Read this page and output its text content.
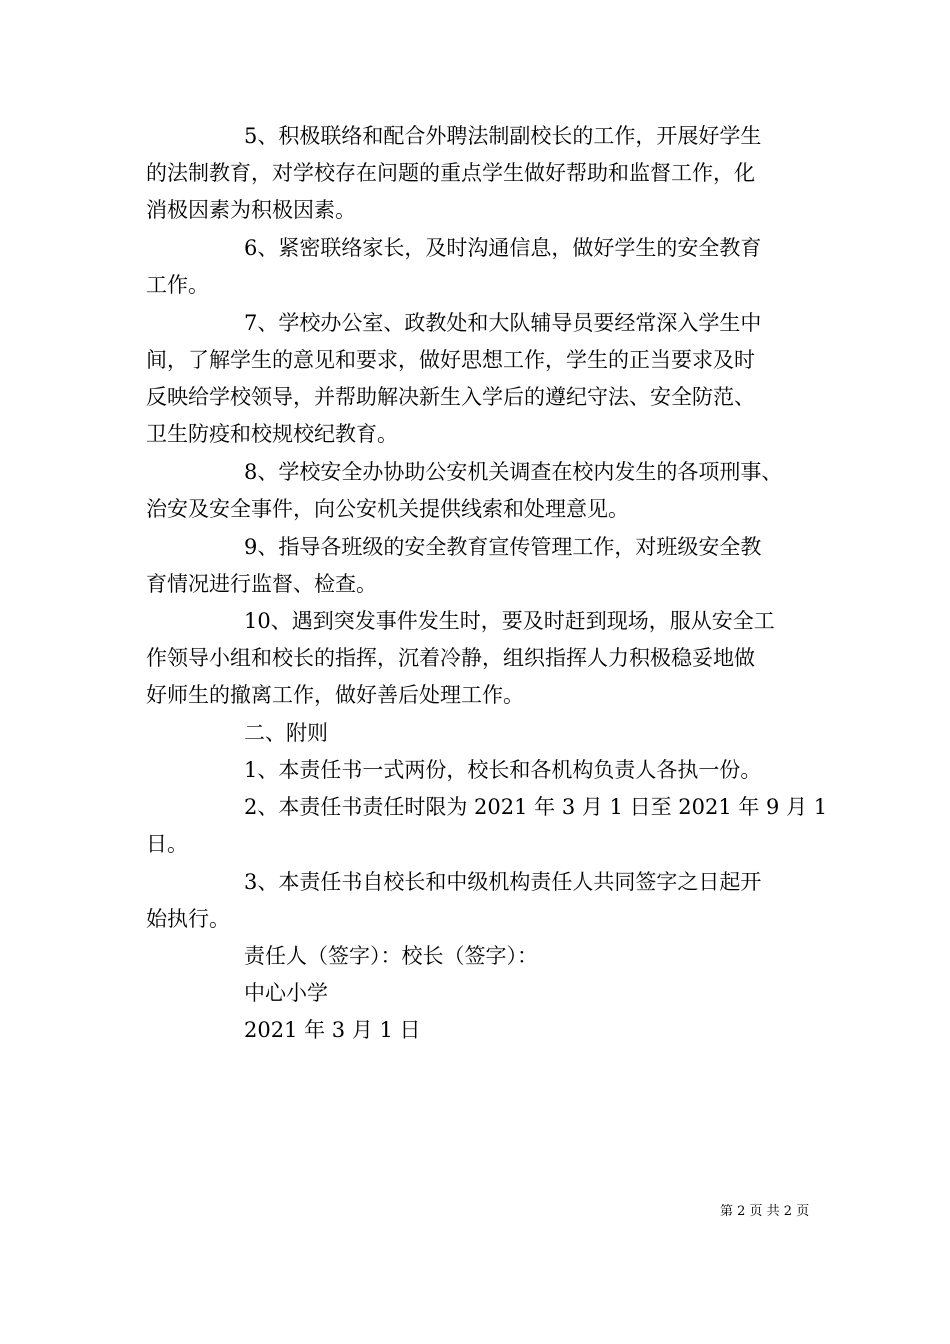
5、积极联络和配合外聘法制副校长的工作，开展好学生
的法制教育，对学校存在问题的重点学生做好帮助和监督工作，化
消极因素为积极因素。
6、紧密联络家长，及时沟通信息，做好学生的安全教育
工作。
7、学校办公室、政教处和大队辅导员要经常深入学生中
间，了解学生的意见和要求，做好思想工作，学生的正当要求及时
反映给学校领导，并帮助解决新生入学后的遵纪守法、安全防范、
卫生防疫和校规校纪教育。
8、学校安全办协助公安机关调查在校内发生的各项刑事、
治安及安全事件，向公安机关提供线索和处理意见。
9、指导各班级的安全教育宣传管理工作，对班级安全教
育情况进行监督、检查。
10、遇到突发事件发生时，要及时赶到现场，服从安全工
作领导小组和校长的指挥，沉着冷静，组织指挥人力积极稳妥地做
好师生的撤离工作，做好善后处理工作。
二、附则
1、本责任书一式两份，校长和各机构负责人各执一份。
2、本责任书责任时限为 2021 年 3 月 1 日至 2021 年 9 月 1
日。
3、本责任书自校长和中级机构责任人共同签字之日起开
始执行。
责任人（签字）：校长（签字）：
中心小学
2021 年 3 月 1 日
第 2 页 共 2 页
